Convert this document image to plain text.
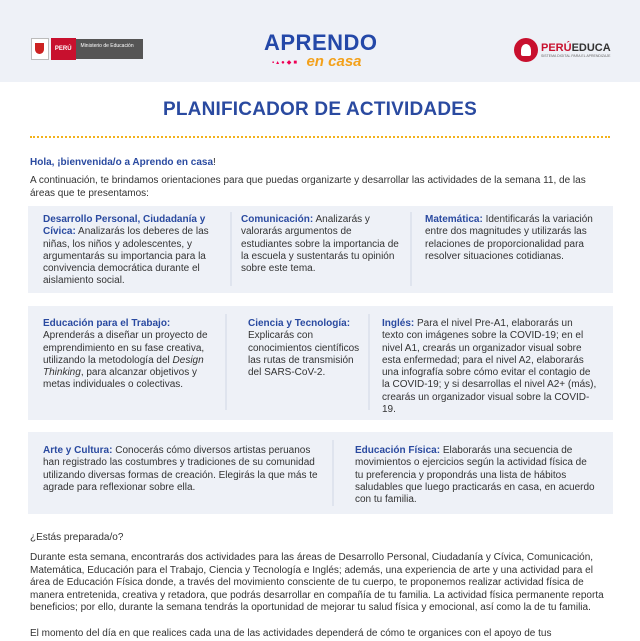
PERÚ	Ministerio de Educación	APRENDO
en casa
▪▴●◆■
PERÚEDUCA
SISTEMA DIGITAL PARA EL APRENDIZAJE
PLANIFICADOR DE ACTIVIDADES

Hola, ¡bienvenida/o a Aprendo en casa!

A continuación, te brindamos orientaciones para que puedas organizarte y desarrollar las actividades de la semana 11, de las áreas que te presentamos:

Desarrollo Personal, Ciudadanía y Cívica: Analizarás los deberes de las niñas, los niños y adolescentes, y argumentarás su importancia para la convivencia democrática durante el aislamiento social.
Comunicación: Analizarás y valorarás argumentos de estudiantes sobre la importancia de la escuela y sustentarás tu opinión sobre este tema.
Matemática: Identificarás la variación entre dos magnitudes y utilizarás las relaciones de proporcionalidad para resolver situaciones cotidianas.
Educación para el Trabajo: Aprenderás a diseñar un proyecto de emprendimiento en su fase creativa, utilizando la metodología del Design Thinking, para alcanzar objetivos y metas individuales o colectivas.
Ciencia y Tecnología: Explicarás con conocimientos científicos las rutas de transmisión del SARS-CoV-2.
Inglés: Para el nivel Pre-A1, elaborarás un texto con imágenes sobre la COVID-19; en el nivel A1, crearás un organizador visual sobre esta enfermedad; para el nivel A2, elaborarás una infografía sobre cómo evitar el contagio de la COVID-19; y si desarrollas el nivel A2+ (más), crearás un organizador visual sobre la COVID-19.
Arte y Cultura: Conocerás cómo diversos artistas peruanos han registrado las costumbres y tradiciones de su comunidad utilizando diversas formas de creación. Elegirás la que más te agrade para reflexionar sobre ella.
Educación Física: Elaborarás una secuencia de movimientos o ejercicios según la actividad física de tu preferencia y propondrás una lista de hábitos saludables que luego practicarás en casa, en acuerdo con tu familia.

¿Estás preparada/o?

Durante esta semana, encontrarás dos actividades para las áreas de Desarrollo Personal, Ciudadanía y Cívica, Comunicación, Matemática, Educación para el Trabajo, Ciencia y Tecnología e Inglés; además, una experiencia de arte y una actividad para el área de Educación Física donde, a través del movimiento consciente de tu cuerpo, te proponemos realizar actividad física de manera entretenida, creativa y retadora, que podrás desarrollar en compañía de tu familia. La actividad física permanente reporta beneficios; por ello, durante la semana tendrás la oportunidad de mejorar tu salud física y emocional, así como la de tu familia.

El momento del día en que realices cada una de las actividades dependerá de cómo te organices con el apoyo de tus
